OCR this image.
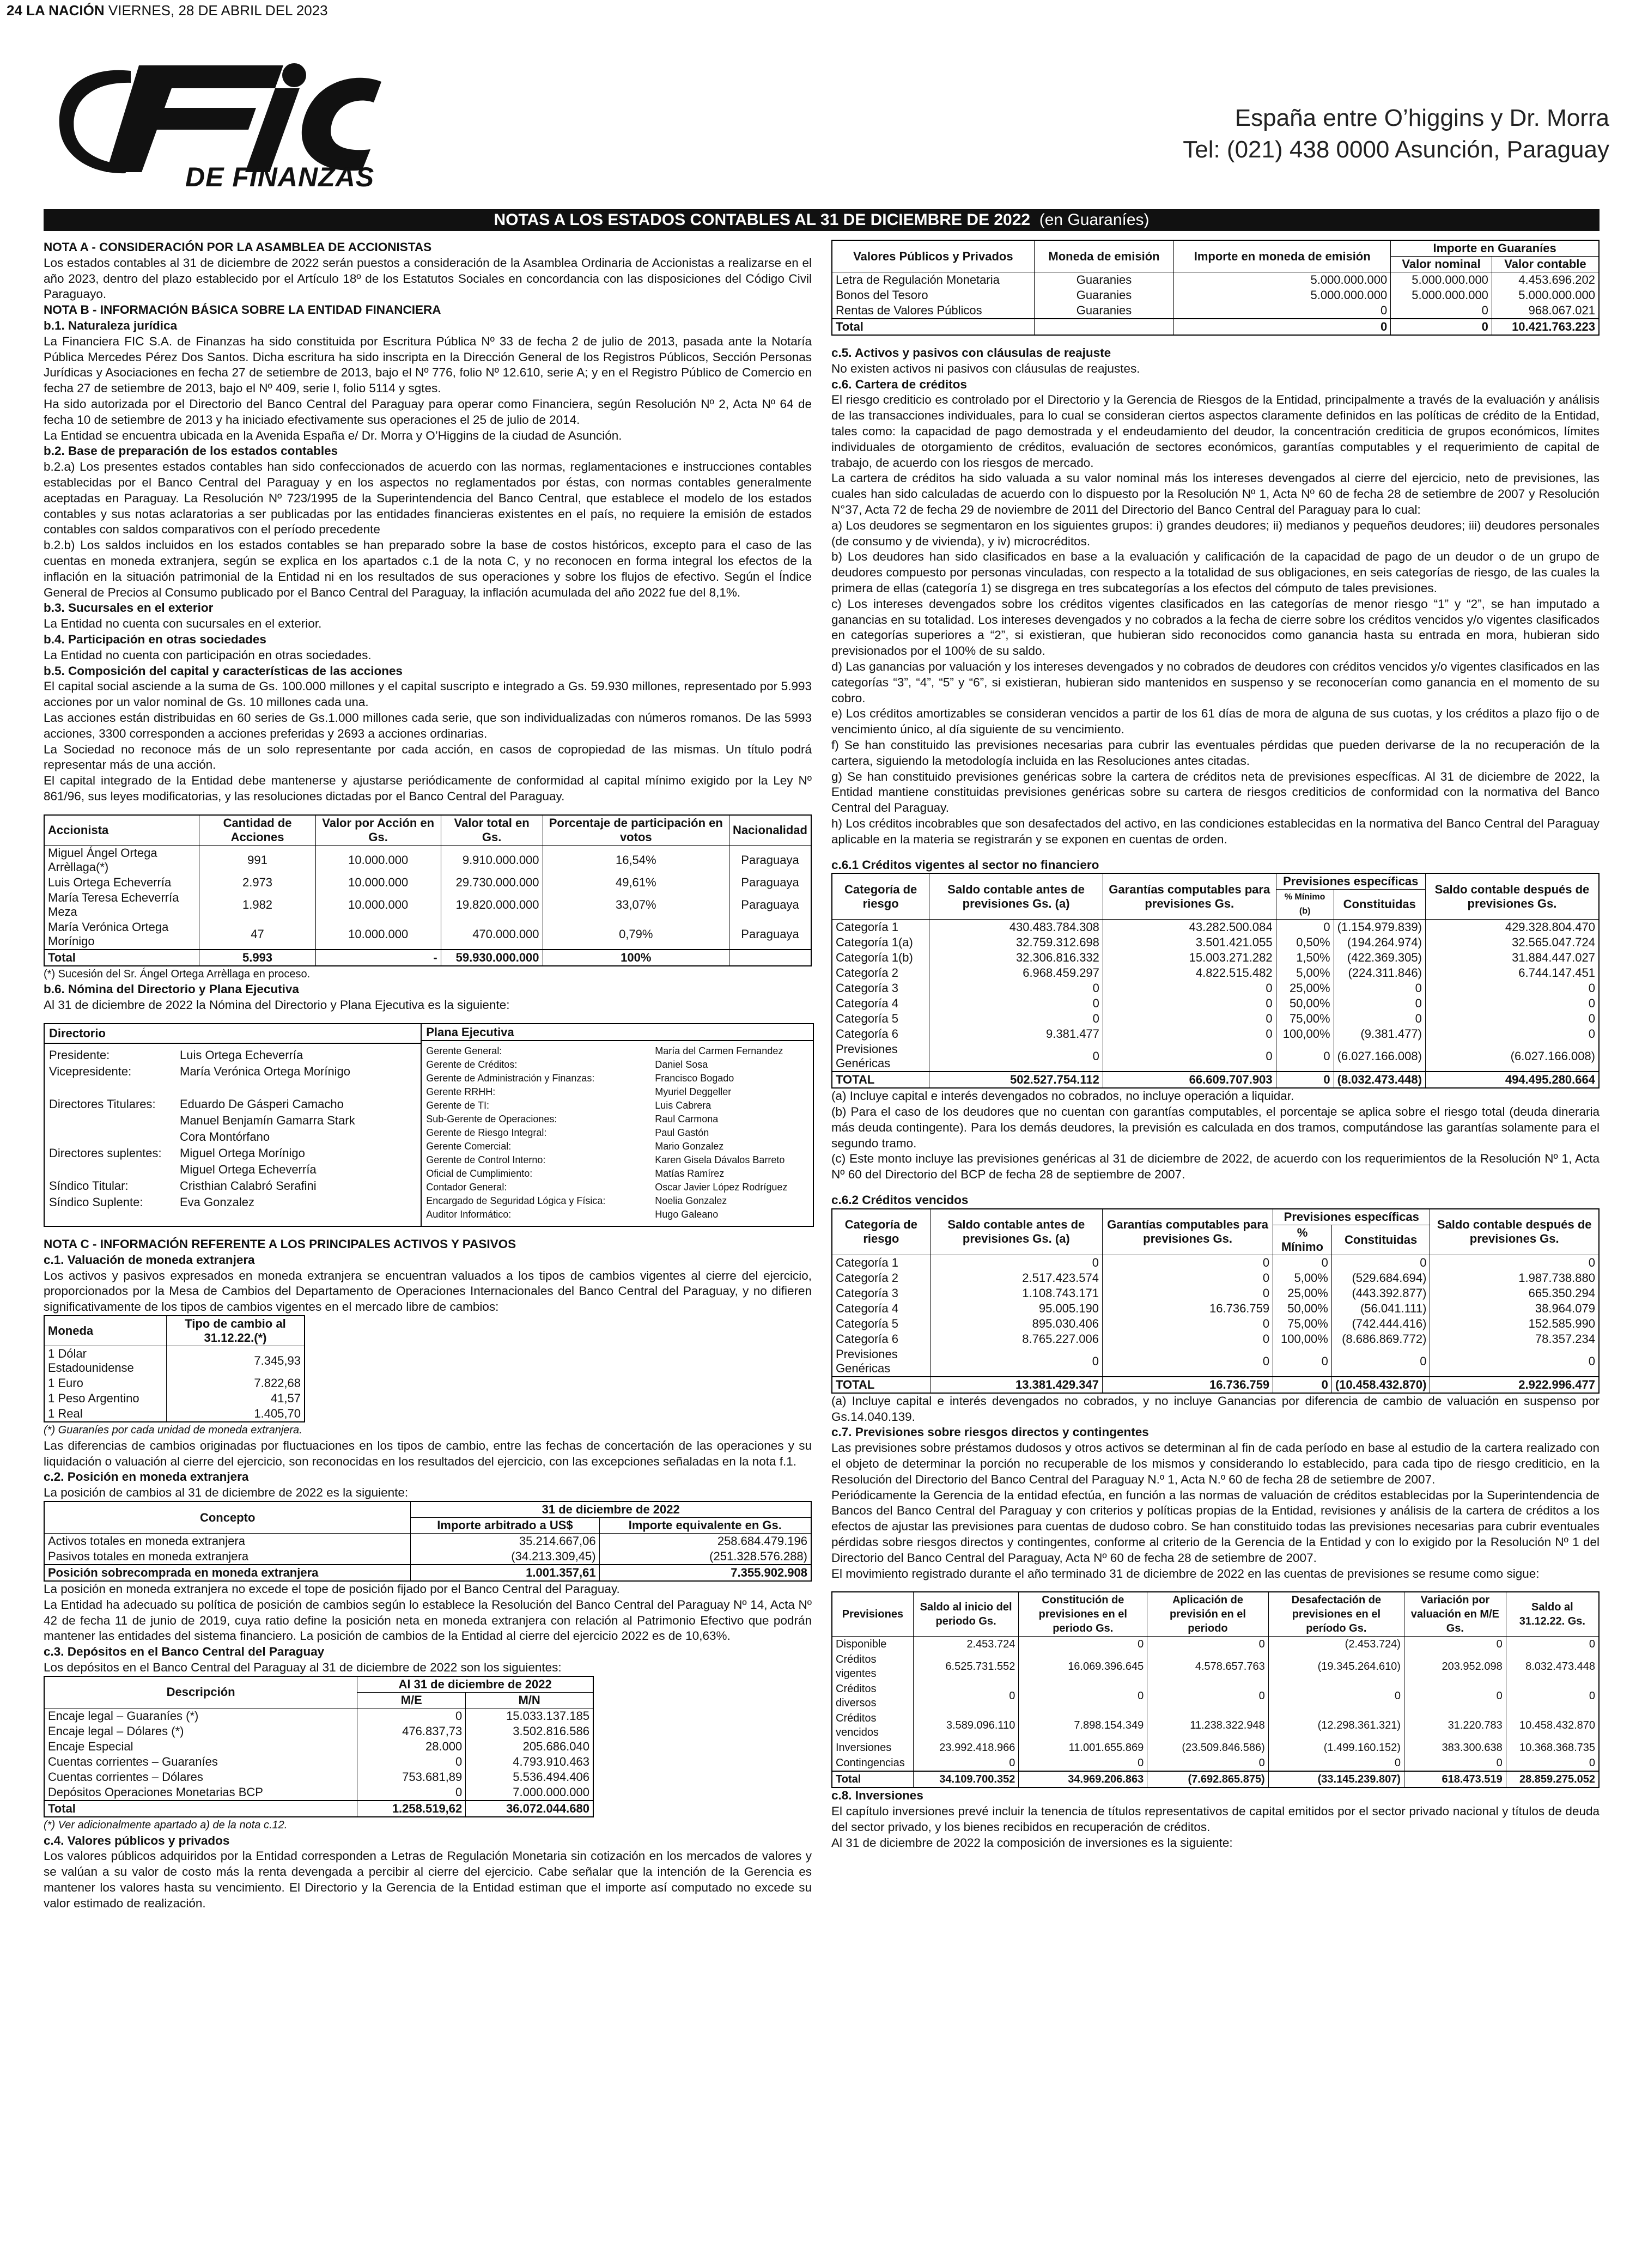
24 LA NACIÓN VIERNES, 28 DE ABRIL DEL 2023
DE FINANZAS
España entre O’higgins y Dr. Morra
Tel: (021) 438 0000 Asunción, Paraguay
NOTAS A LOS ESTADOS CONTABLES AL 31 DE DICIEMBRE DE 2022 (en Guaraníes)

NOTA A - CONSIDERACIÓN POR LA ASAMBLEA DE ACCIONISTAS

Los estados contables al 31 de diciembre de 2022 serán puestos a consideración de la Asamblea Ordinaria de Accionistas a realizarse en el año 2023, dentro del plazo establecido por el Artículo 18º de los Estatutos Sociales en concordancia con las disposiciones del Código Civil Paraguayo.

NOTA B - INFORMACIÓN BÁSICA SOBRE LA ENTIDAD FINANCIERA

b.1. Naturaleza jurídica

La Financiera FIC S.A. de Finanzas ha sido constituida por Escritura Pública Nº 33 de fecha 2 de julio de 2013, pasada ante la Notaría Pública Mercedes Pérez Dos Santos. Dicha escritura ha sido inscripta en la Dirección General de los Registros Públicos, Sección Personas Jurídicas y Asociaciones en fecha 27 de setiembre de 2013, bajo el Nº 776, folio Nº 12.610, serie A; y en el Registro Público de Comercio en fecha 27 de setiembre de 2013, bajo el Nº 409, serie I, folio 5114 y sgtes.

Ha sido autorizada por el Directorio del Banco Central del Paraguay para operar como Financiera, según Resolución Nº 2, Acta Nº 64 de fecha 10 de setiembre de 2013 y ha iniciado efectivamente sus operaciones el 25 de julio de 2014.

La Entidad se encuentra ubicada en la Avenida España e/ Dr. Morra y O’Higgins de la ciudad de Asunción.

b.2. Base de preparación de los estados contables

b.2.a) Los presentes estados contables han sido confeccionados de acuerdo con las normas, reglamentaciones e instrucciones contables establecidas por el Banco Central del Paraguay y en los aspectos no reglamentados por éstas, con normas contables generalmente aceptadas en Paraguay. La Resolución Nº 723/1995 de la Superintendencia del Banco Central, que establece el modelo de los estados contables y sus notas aclaratorias a ser publicadas por las entidades financieras existentes en el país, no requiere la emisión de estados contables con saldos comparativos con el período precedente

b.2.b) Los saldos incluidos en los estados contables se han preparado sobre la base de costos históricos, excepto para el caso de las cuentas en moneda extranjera, según se explica en los apartados c.1 de la nota C, y no reconocen en forma integral los efectos de la inflación en la situación patrimonial de la Entidad ni en los resultados de sus operaciones y sobre los flujos de efectivo. Según el Índice General de Precios al Consumo publicado por el Banco Central del Paraguay, la inflación acumulada del año 2022 fue del 8,1%.

b.3. Sucursales en el exterior

La Entidad no cuenta con sucursales en el exterior.

b.4. Participación en otras sociedades

La Entidad no cuenta con participación en otras sociedades.

b.5. Composición del capital y características de las acciones

El capital social asciende a la suma de Gs. 100.000 millones y el capital suscripto e integrado a Gs. 59.930 millones, representado por 5.993 acciones por un valor nominal de Gs. 10 millones cada una.

Las acciones están distribuidas en 60 series de Gs.1.000 millones cada serie, que son individualizadas con números romanos. De las 5993 acciones, 3300 corresponden a acciones preferidas y 2693 a acciones ordinarias.

La Sociedad no reconoce más de un solo representante por cada acción, en casos de copropiedad de las mismas. Un título podrá representar más de una acción.

El capital integrado de la Entidad debe mantenerse y ajustarse periódicamente de conformidad al capital mínimo exigido por la Ley Nº 861/96, sus leyes modificatorias, y las resoluciones dictadas por el Banco Central del Paraguay.

Accionista	Cantidad de Acciones	Valor por Acción en Gs.	Valor total en Gs.	Porcentaje de participación en votos	Nacionalidad
Miguel Ángel Ortega Arrèllaga(*)	991	10.000.000	9.910.000.000	16,54%	Paraguaya
Luis Ortega Echeverría	2.973	10.000.000	29.730.000.000	49,61%	Paraguaya
María Teresa Echeverría Meza	1.982	10.000.000	19.820.000.000	33,07%	Paraguaya
María Verónica Ortega Morínigo	47	10.000.000	470.000.000	0,79%	Paraguaya
Total	5.993	-	59.930.000.000	100%	

(*) Sucesión del Sr. Ángel Ortega Arrèllaga en proceso.

b.6. Nómina del Directorio y Plana Ejecutiva

Al 31 de diciembre de 2022 la Nómina del Directorio y Plana Ejecutiva es la siguiente:

Directorio
Presidente:	Luis Ortega Echeverría
Vicepresidente:	María Verónica Ortega Morínigo
Directores Titulares:	Eduardo De Gásperi Camacho
Manuel Benjamín Gamarra Stark
Cora Montórfano
Directores suplentes:	Miguel Ortega Morínigo
Miguel Ortega Echeverría
Síndico Titular:	Cristhian Calabró Serafini
Síndico Suplente:	Eva Gonzalez
Plana Ejecutiva
Gerente General:	María del Carmen Fernandez
Gerente de Créditos:	Daniel Sosa
Gerente de Administración y Finanzas:	Francisco Bogado
Gerente RRHH:	Myuriel Deggeller
Gerente de TI:	Luis Cabrera
Sub-Gerente de Operaciones:	Raul Carmona
Gerente de Riesgo Integral:	Paul Gastón
Gerente Comercial:	Mario Gonzalez
Gerente de Control Interno:	Karen Gisela Dávalos Barreto
Oficial de Cumplimiento:	Matías Ramírez
Contador General:	Oscar Javier López Rodríguez
Encargado de Seguridad Lógica y Física:	Noelia Gonzalez
Auditor Informático:	Hugo Galeano

NOTA C - INFORMACIÓN REFERENTE A LOS PRINCIPALES ACTIVOS Y PASIVOS

c.1. Valuación de moneda extranjera

Los activos y pasivos expresados en moneda extranjera se encuentran valuados a los tipos de cambios vigentes al cierre del ejercicio, proporcionados por la Mesa de Cambios del Departamento de Operaciones Internacionales del Banco Central del Paraguay, y no difieren significativamente de los tipos de cambios vigentes en el mercado libre de cambios:

Moneda	Tipo de cambio al 31.12.22.(*)
1 Dólar Estadounidense	7.345,93
1 Euro	7.822,68
1 Peso Argentino	41,57
1 Real	1.405,70

(*) Guaraníes por cada unidad de moneda extranjera.

Las diferencias de cambios originadas por fluctuaciones en los tipos de cambio, entre las fechas de concertación de las operaciones y su liquidación o valuación al cierre del ejercicio, son reconocidas en los resultados del ejercicio, con las excepciones señaladas en la nota f.1.

c.2. Posición en moneda extranjera

La posición de cambios al 31 de diciembre de 2022 es la siguiente:

Concepto	31 de diciembre de 2022	
	Importe arbitrado a US$	Importe equivalente en Gs.
Activos totales en moneda extranjera	35.214.667,06	258.684.479.196
Pasivos totales en moneda extranjera	(34.213.309,45)	(251.328.576.288)
Posición sobrecomprada en moneda extranjera	1.001.357,61	7.355.902.908

La posición en moneda extranjera no excede el tope de posición fijado por el Banco Central del Paraguay.

La Entidad ha adecuado su política de posición de cambios según lo establece la Resolución del Banco Central del Paraguay Nº 14, Acta Nº 42 de fecha 11 de junio de 2019, cuya ratio define la posición neta en moneda extranjera con relación al Patrimonio Efectivo que podrán mantener las entidades del sistema financiero. La posición de cambios de la Entidad al cierre del ejercicio 2022 es de 10,63%.

c.3. Depósitos en el Banco Central del Paraguay

Los depósitos en el Banco Central del Paraguay al 31 de diciembre de 2022 son los siguientes:

Descripción	Al 31 de diciembre de 2022	
	M/E	M/N
Encaje legal – Guaraníes (*)	0	15.033.137.185
Encaje legal – Dólares (*)	476.837,73	3.502.816.586
Encaje Especial	28.000	205.686.040
Cuentas corrientes – Guaraníes	0	4.793.910.463
Cuentas corrientes – Dólares	753.681,89	5.536.494.406
Depósitos Operaciones Monetarias BCP	0	7.000.000.000
Total	1.258.519,62	36.072.044.680

(*) Ver adicionalmente apartado a) de la nota c.12.

c.4. Valores públicos y privados

Los valores públicos adquiridos por la Entidad corresponden a Letras de Regulación Monetaria sin cotización en los mercados de valores y se valúan a su valor de costo más la renta devengada a percibir al cierre del ejercicio. Cabe señalar que la intención de la Gerencia es mantener los valores hasta su vencimiento. El Directorio y la Gerencia de la Entidad estiman que el importe así computado no excede su valor estimado de realización.

Valores Públicos y Privados	Moneda de emisión	Importe en moneda de emisión	Importe en Guaraníes	
			Valor nominal	Valor contable
Letra de Regulación Monetaria	Guaranies	5.000.000.000	5.000.000.000	4.453.696.202
Bonos del Tesoro	Guaranies	5.000.000.000	5.000.000.000	5.000.000.000
Rentas de Valores Públicos	Guaranies	0	0	968.067.021
Total		0	0	10.421.763.223

c.5. Activos y pasivos con cláusulas de reajuste

No existen activos ni pasivos con cláusulas de reajustes.

c.6. Cartera de créditos

El riesgo crediticio es controlado por el Directorio y la Gerencia de Riesgos de la Entidad, principalmente a través de la evaluación y análisis de las transacciones individuales, para lo cual se consideran ciertos aspectos claramente definidos en las políticas de crédito de la Entidad, tales como: la capacidad de pago demostrada y el endeudamiento del deudor, la concentración crediticia de grupos económicos, límites individuales de otorgamiento de créditos, evaluación de sectores económicos, garantías computables y el requerimiento de capital de trabajo, de acuerdo con los riesgos de mercado.

La cartera de créditos ha sido valuada a su valor nominal más los intereses devengados al cierre del ejercicio, neto de previsiones, las cuales han sido calculadas de acuerdo con lo dispuesto por la Resolución Nº 1, Acta Nº 60 de fecha 28 de setiembre de 2007 y Resolución N°37, Acta 72 de fecha 29 de noviembre de 2011 del Directorio del Banco Central del Paraguay para lo cual:

a) Los deudores se segmentaron en los siguientes grupos: i) grandes deudores; ii) medianos y pequeños deudores; iii) deudores personales (de consumo y de vivienda), y iv) microcréditos.

b) Los deudores han sido clasificados en base a la evaluación y calificación de la capacidad de pago de un deudor o de un grupo de deudores compuesto por personas vinculadas, con respecto a la totalidad de sus obligaciones, en seis categorías de riesgo, de las cuales la primera de ellas (categoría 1) se disgrega en tres subcategorías a los efectos del cómputo de tales previsiones.

c) Los intereses devengados sobre los créditos vigentes clasificados en las categorías de menor riesgo “1” y “2”, se han imputado a ganancias en su totalidad. Los intereses devengados y no cobrados a la fecha de cierre sobre los créditos vencidos y/o vigentes clasificados en categorías superiores a “2”, si existieran, que hubieran sido reconocidos como ganancia hasta su entrada en mora, hubieran sido previsionados por el 100% de su saldo.

d) Las ganancias por valuación y los intereses devengados y no cobrados de deudores con créditos vencidos y/o vigentes clasificados en las categorías “3”, “4”, “5” y “6”, si existieran, hubieran sido mantenidos en suspenso y se reconocerían como ganancia en el momento de su cobro.

e) Los créditos amortizables se consideran vencidos a partir de los 61 días de mora de alguna de sus cuotas, y los créditos a plazo fijo o de vencimiento único, al día siguiente de su vencimiento.

f) Se han constituido las previsiones necesarias para cubrir las eventuales pérdidas que pueden derivarse de la no recuperación de la cartera, siguiendo la metodología incluida en las Resoluciones antes citadas.

g) Se han constituido previsiones genéricas sobre la cartera de créditos neta de previsiones específicas. Al 31 de diciembre de 2022, la Entidad mantiene constituidas previsiones genéricas sobre su cartera de riesgos crediticios de conformidad con la normativa del Banco Central del Paraguay.

h) Los créditos incobrables que son desafectados del activo, en las condiciones establecidas en la normativa del Banco Central del Paraguay aplicable en la materia se registrarán y se exponen en cuentas de orden.

c.6.1 Créditos vigentes al sector no financiero

Categoría de riesgo	Saldo contable antes de previsiones Gs. (a)	Garantías computables para previsiones Gs.	Previsiones específicas		Saldo contable después de previsiones Gs.
			% Mínimo (b)	Constituidas	
Categoría 1	430.483.784.308	43.282.500.084	0	(1.154.979.839)	429.328.804.470
Categoría 1(a)	32.759.312.698	3.501.421.055	0,50%	(194.264.974)	32.565.047.724
Categoría 1(b)	32.306.816.332	15.003.271.282	1,50%	(422.369.305)	31.884.447.027
Categoría 2	6.968.459.297	4.822.515.482	5,00%	(224.311.846)	6.744.147.451
Categoría 3	0	0	25,00%	0	0
Categoría 4	0	0	50,00%	0	0
Categoría 5	0	0	75,00%	0	0
Categoría 6	9.381.477	0	100,00%	(9.381.477)	0
Previsiones Genéricas	0	0	0	(6.027.166.008)	(6.027.166.008)
TOTAL	502.527.754.112	66.609.707.903	0	(8.032.473.448)	494.495.280.664

(a) Incluye capital e interés devengados no cobrados, no incluye operación a liquidar.

(b) Para el caso de los deudores que no cuentan con garantías computables, el porcentaje se aplica sobre el riesgo total (deuda dineraria más deuda contingente). Para los demás deudores, la previsión es calculada en dos tramos, computándose las garantías solamente para el segundo tramo.

(c) Este monto incluye las previsiones genéricas al 31 de diciembre de 2022, de acuerdo con los requerimientos de la Resolución Nº 1, Acta Nº 60 del Directorio del BCP de fecha 28 de septiembre de 2007.

c.6.2 Créditos vencidos

Categoría de riesgo	Saldo contable antes de previsiones Gs. (a)	Garantías computables para previsiones Gs.	Previsiones específicas		Saldo contable después de previsiones Gs.
			% Mínimo	Constituidas	
Categoría 1	0	0	0	0	0
Categoría 2	2.517.423.574	0	5,00%	(529.684.694)	1.987.738.880
Categoría 3	1.108.743.171	0	25,00%	(443.392.877)	665.350.294
Categoría 4	95.005.190	16.736.759	50,00%	(56.041.111)	38.964.079
Categoría 5	895.030.406	0	75,00%	(742.444.416)	152.585.990
Categoría 6	8.765.227.006	0	100,00%	(8.686.869.772)	78.357.234
Previsiones Genéricas	0	0	0	0	0
TOTAL	13.381.429.347	16.736.759	0	(10.458.432.870)	2.922.996.477

(a) Incluye capital e interés devengados no cobrados, y no incluye Ganancias por diferencia de cambio de valuación en suspenso por Gs.14.040.139.

c.7. Previsiones sobre riesgos directos y contingentes

Las previsiones sobre préstamos dudosos y otros activos se determinan al fin de cada período en base al estudio de la cartera realizado con el objeto de determinar la porción no recuperable de los mismos y considerando lo establecido, para cada tipo de riesgo crediticio, en la Resolución del Directorio del Banco Central del Paraguay N.º 1, Acta N.º 60 de fecha 28 de setiembre de 2007.

Periódicamente la Gerencia de la entidad efectúa, en función a las normas de valuación de créditos establecidas por la Superintendencia de Bancos del Banco Central del Paraguay y con criterios y políticas propias de la Entidad, revisiones y análisis de la cartera de créditos a los efectos de ajustar las previsiones para cuentas de dudoso cobro. Se han constituido todas las previsiones necesarias para cubrir eventuales pérdidas sobre riesgos directos y contingentes, conforme al criterio de la Gerencia de la Entidad y con lo exigido por la Resolución Nº 1 del Directorio del Banco Central del Paraguay, Acta Nº 60 de fecha 28 de setiembre de 2007.

El movimiento registrado durante el año terminado 31 de diciembre de 2022 en las cuentas de previsiones se resume como sigue:

Previsiones	Saldo al inicio del periodo Gs.	Constitución de previsiones en el periodo Gs.	Aplicación de previsión en el periodo	Desafectación de previsiones en el período Gs.	Variación por valuación en M/E Gs.	Saldo al 31.12.22. Gs.
Disponible	2.453.724	0	0	(2.453.724)	0	0
Créditos vigentes	6.525.731.552	16.069.396.645	4.578.657.763	(19.345.264.610)	203.952.098	8.032.473.448
Créditos diversos	0	0	0	0	0	0
Créditos vencidos	3.589.096.110	7.898.154.349	11.238.322.948	(12.298.361.321)	31.220.783	10.458.432.870
Inversiones	23.992.418.966	11.001.655.869	(23.509.846.586)	(1.499.160.152)	383.300.638	10.368.368.735
Contingencias	0	0	0	0	0	0
Total	34.109.700.352	34.969.206.863	(7.692.865.875)	(33.145.239.807)	618.473.519	28.859.275.052

c.8. Inversiones

El capítulo inversiones prevé incluir la tenencia de títulos representativos de capital emitidos por el sector privado nacional y títulos de deuda del sector privado, y los bienes recibidos en recuperación de créditos.

Al 31 de diciembre de 2022 la composición de inversiones es la siguiente:
